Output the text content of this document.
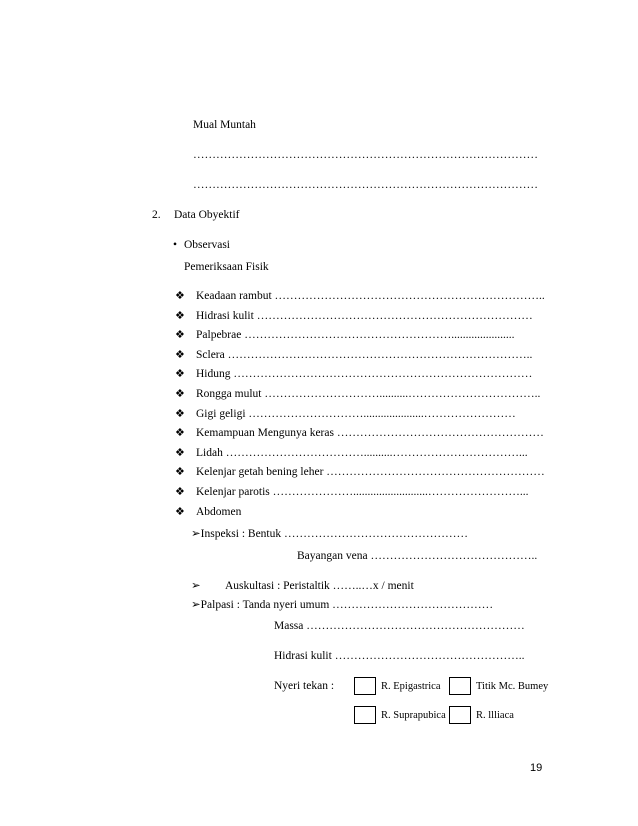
Mual Muntah
………………………………………………………………………………
………………………………………………………………………………
2. Data Obyektif
• Observasi
Pemeriksaan Fisik
❖ Keadaan rambut ……………………………………………………………..
❖ Hidrasi kulit ………………………………………………………………
❖ Palpebrae ………………………………………………......................
❖ Sclera ……………………………………………………………………..
❖ Hidung ……………………………………………………………………
❖ Rongga mulut …………………………..........……………………………..
❖ Gigi geligi ………………………….....................……………………
❖ Kemampuan Mengunya keras ………………………………………………
❖ Lidah ………………………………..........……………………………...
❖ Kelenjar getah bening leher …………………………………………………
❖ Kelenjar parotis …………………..........................……………………...
❖ Abdomen
➢Inspeksi : Bentuk …………………………………………
Bayangan vena ……………………………………..
➢ Auskultasi : Peristaltik ……..…x / menit
➢Palpasi : Tanda nyeri umum ……………………………………
Massa …………………………………………………
Hidrasi kulit …………………………………………..
Nyeri tekan :	R. Epigastrica	Titik Mc. Bumey
R. Suprapubica	R. llliaca
19
